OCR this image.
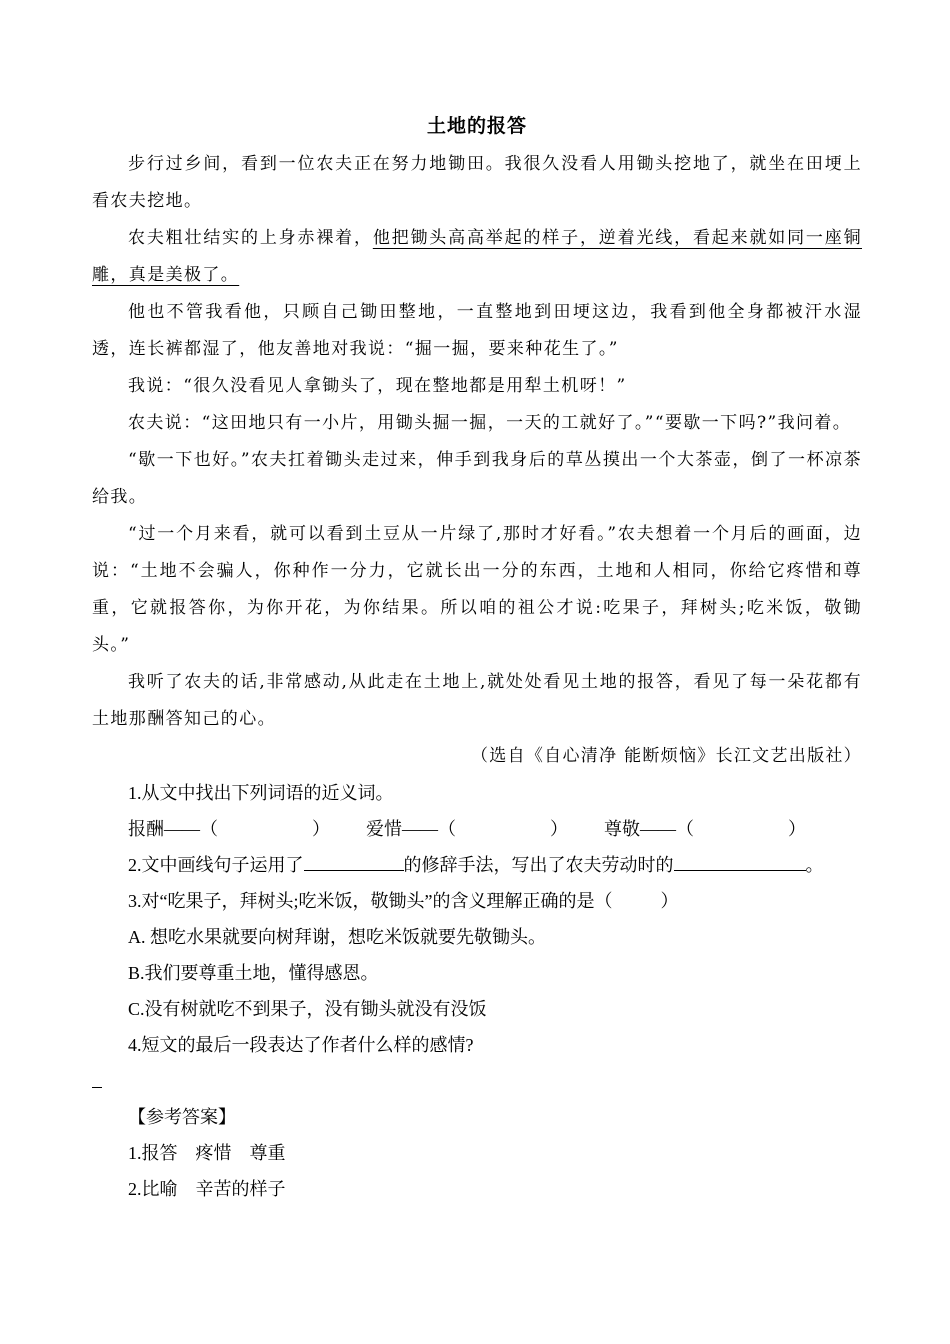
土地的报答

步行过乡间，看到一位农夫正在努力地锄田。我很久没看人用锄头挖地了，就坐在田埂上看农夫挖地。

农夫粗壮结实的上身赤裸着，他把锄头高高举起的样子，逆着光线，看起来就如同一座铜雕，真是美极了。

他也不管我看他，只顾自己锄田整地，一直整地到田埂这边，我看到他全身都被汗水湿透，连长裤都湿了，他友善地对我说：“掘一掘，要来种花生了。”

我说：“很久没看见人拿锄头了，现在整地都是用犁土机呀！”

农夫说：“这田地只有一小片，用锄头掘一掘，一天的工就好了。”“要歇一下吗?”我问着。

“歇一下也好。”农夫扛着锄头走过来，伸手到我身后的草丛摸出一个大茶壶，倒了一杯凉茶给我。

“过一个月来看，就可以看到土豆从一片绿了,那时才好看。”农夫想着一个月后的画面，边说：“土地不会骗人，你种作一分力，它就长出一分的东西，土地和人相同，你给它疼惜和尊重，它就报答你，为你开花，为你结果。所以咱的祖公才说:吃果子，拜树头;吃米饭，敬锄头。”

我听了农夫的话,非常感动,从此走在土地上,就处处看见土地的报答，看见了每一朵花都有土地那酬答知己的心。

（选自《自心清净 能断烦恼》长江文艺出版社）

1.从文中找出下列词语的近义词。

报酬——（	） 爱惜——（	） 尊敬——（	）

2.文中画线句子运用了	的修辞手法，写出了农夫劳动时的	。

3.对“吃果子，拜树头;吃米饭，敬锄头”的含义理解正确的是（	）

A. 想吃水果就要向树拜谢，想吃米饭就要先敬锄头。

B.我们要尊重土地，懂得感恩。

C.没有树就吃不到果子，没有锄头就没有没饭

4.短文的最后一段表达了作者什么样的感情?

【参考答案】

1.报答 疼惜 尊重

2.比喻 辛苦的样子
